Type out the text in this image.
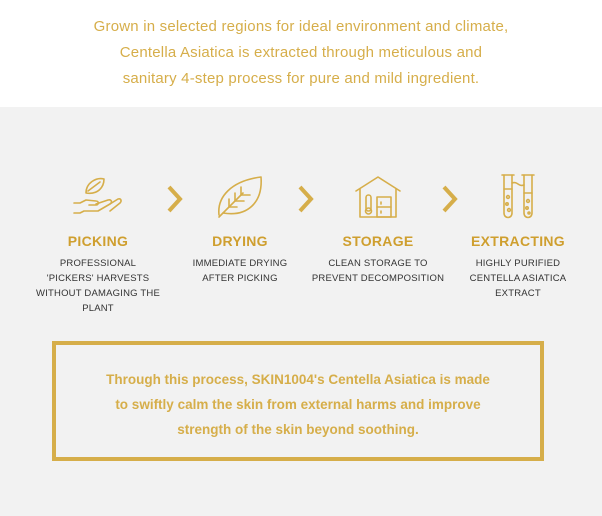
Grown in selected regions for ideal environment and climate,

Centella Asiatica is extracted through meticulous and

sanitary 4-step process for pure and mild ingredient.

PICKING
PROFESSIONAL
'PICKERS' HARVESTS
WITHOUT DAMAGING THE PLANT
DRYING
IMMEDIATE DRYING
AFTER PICKING
STORAGE
CLEAN STORAGE TO
PREVENT DECOMPOSITION
EXTRACTING
HIGHLY PURIFIED
CENTELLA ASIATICA
EXTRACT
Through this process, SKIN1004's Centella Asiatica is made
to swiftly calm the skin from external harms and improve
strength of the skin beyond soothing.
